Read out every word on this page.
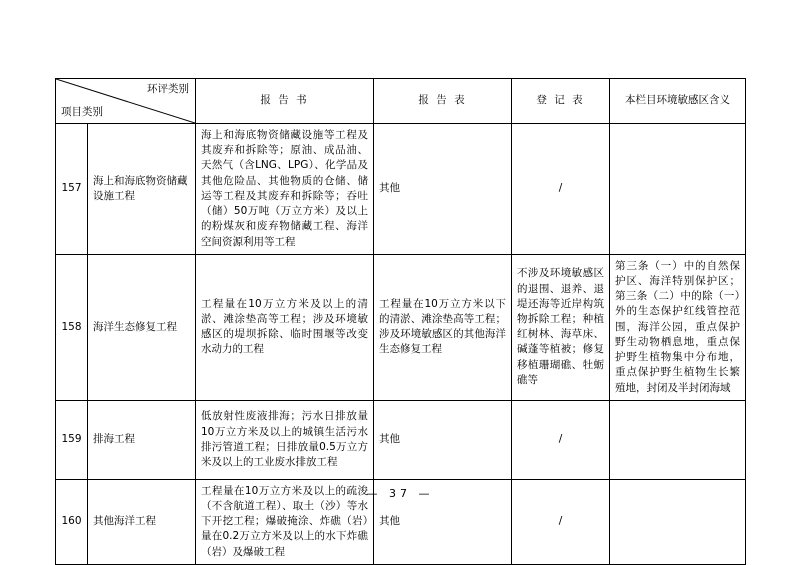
环评类别
项目类别		报 告 书	报 告 表	登 记 表	本栏目环境敏感区含义
157	海上和海底物资储藏设施工程	海上和海底物资储藏设施等工程及其废弃和拆除等；原油、成品油、天然气（含LNG、LPG）、化学品及其他危险品、其他物质的仓储、储运等工程及其废弃和拆除等；吞吐（储）50万吨（万立方米）及以上的粉煤灰和废弃物储藏工程、海洋空间资源利用等工程	其他	/	
158	海洋生态修复工程	工程量在10万立方米及以上的清淤、滩涂垫高等工程；涉及环境敏感区的堤坝拆除、临时围堰等改变水动力的工程	工程量在10万立方米以下的清淤、滩涂垫高等工程；涉及环境敏感区的其他海洋生态修复工程	不涉及环境敏感区的退围、退养、退堤还海等近岸构筑物拆除工程；种植红树林、海草床、碱蓬等植被；修复移植珊瑚礁、牡蛎礁等	第三条（一）中的自然保护区、海洋特别保护区；第三条（二）中的除（一）外的生态保护红线管控范围，海洋公园，重点保护野生动物栖息地，重点保护野生植物集中分布地，重点保护野生植物生长繁殖地，封闭及半封闭海域
159	排海工程	低放射性废液排海；污水日排放量10万立方米及以上的城镇生活污水排污管道工程；日排放量0.5万立方米及以上的工业废水排放工程	其他	/	
160	其他海洋工程	工程量在10万立方米及以上的疏浚（不含航道工程）、取土（沙）等水下开挖工程；爆破掩涂、炸礁（岩）量在0.2万立方米及以上的水下炸礁（岩）及爆破工程	其他	/	
— 37 —
